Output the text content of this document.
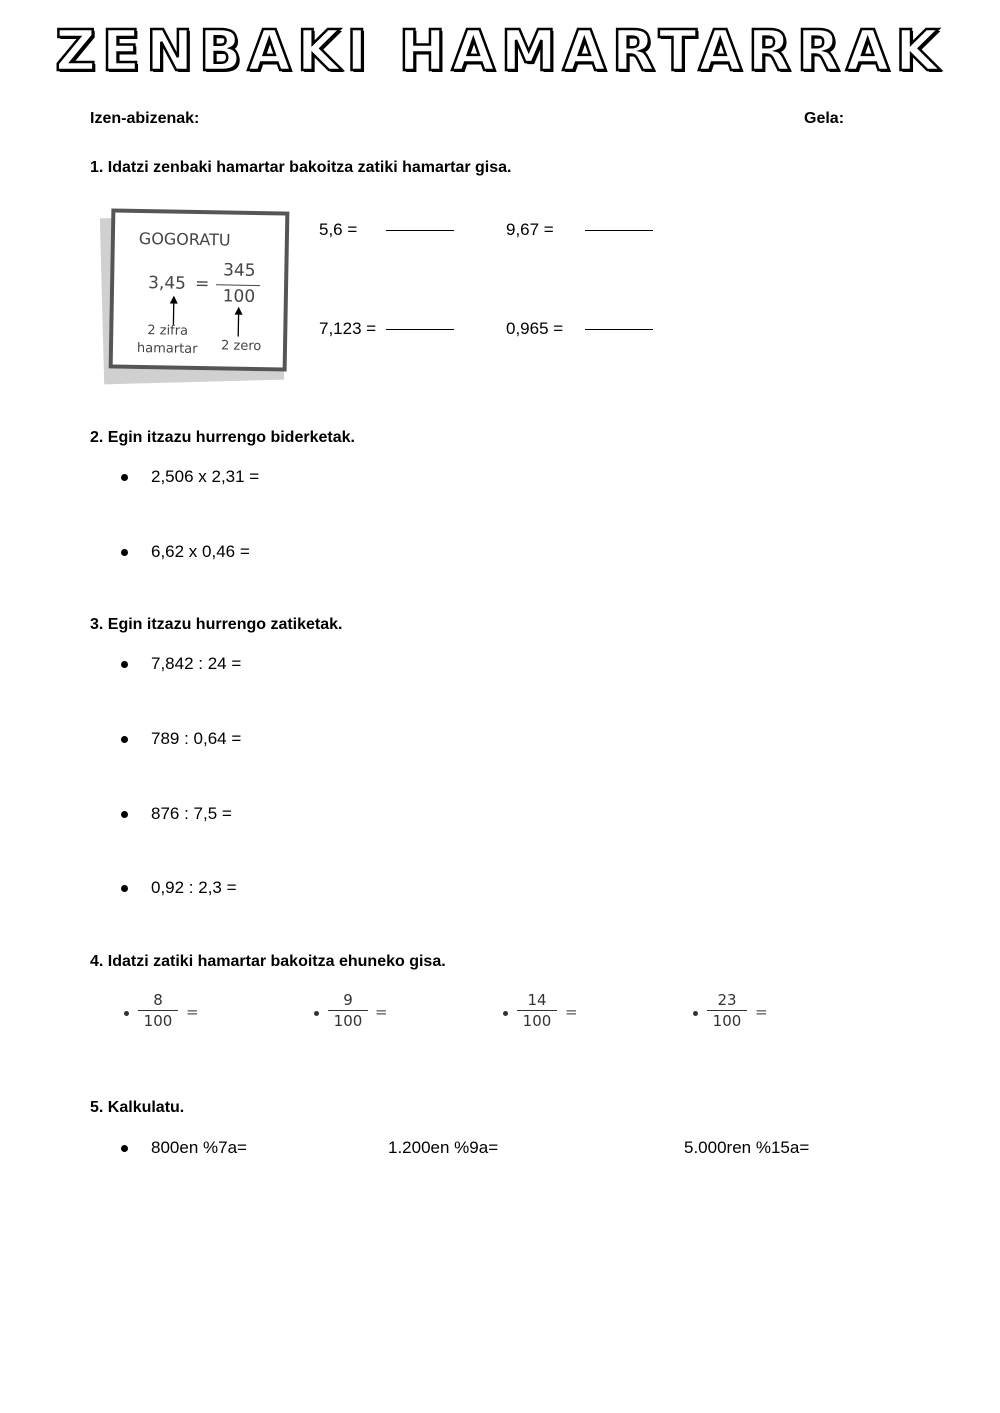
ZENBAKI HAMARTARRAK
Izen-abizenak:	Gela:
1. Idatzi zenbaki hamartar bakoitza zatiki hamartar gisa.
GOGORATU
3,45 =
345
100
2 zifra
hamartar 2 zero
5,6 =	9,67 =
7,123 =	0,965 =
2. Egin itzazu hurrengo biderketak.
2,506 x 2,31 =
6,62 x 0,46 =
3. Egin itzazu hurrengo zatiketak.
7,842 : 24 =
789 : 0,64 =
876 : 7,5 =
0,92 : 2,3 =
4. Idatzi zatiki hamartar bakoitza ehuneko gisa.
8
100 =
9
100 =
14
100 =
23
100 =
5. Kalkulatu.
800en %7a=	1.200en %9a=	5.000ren %15a=
